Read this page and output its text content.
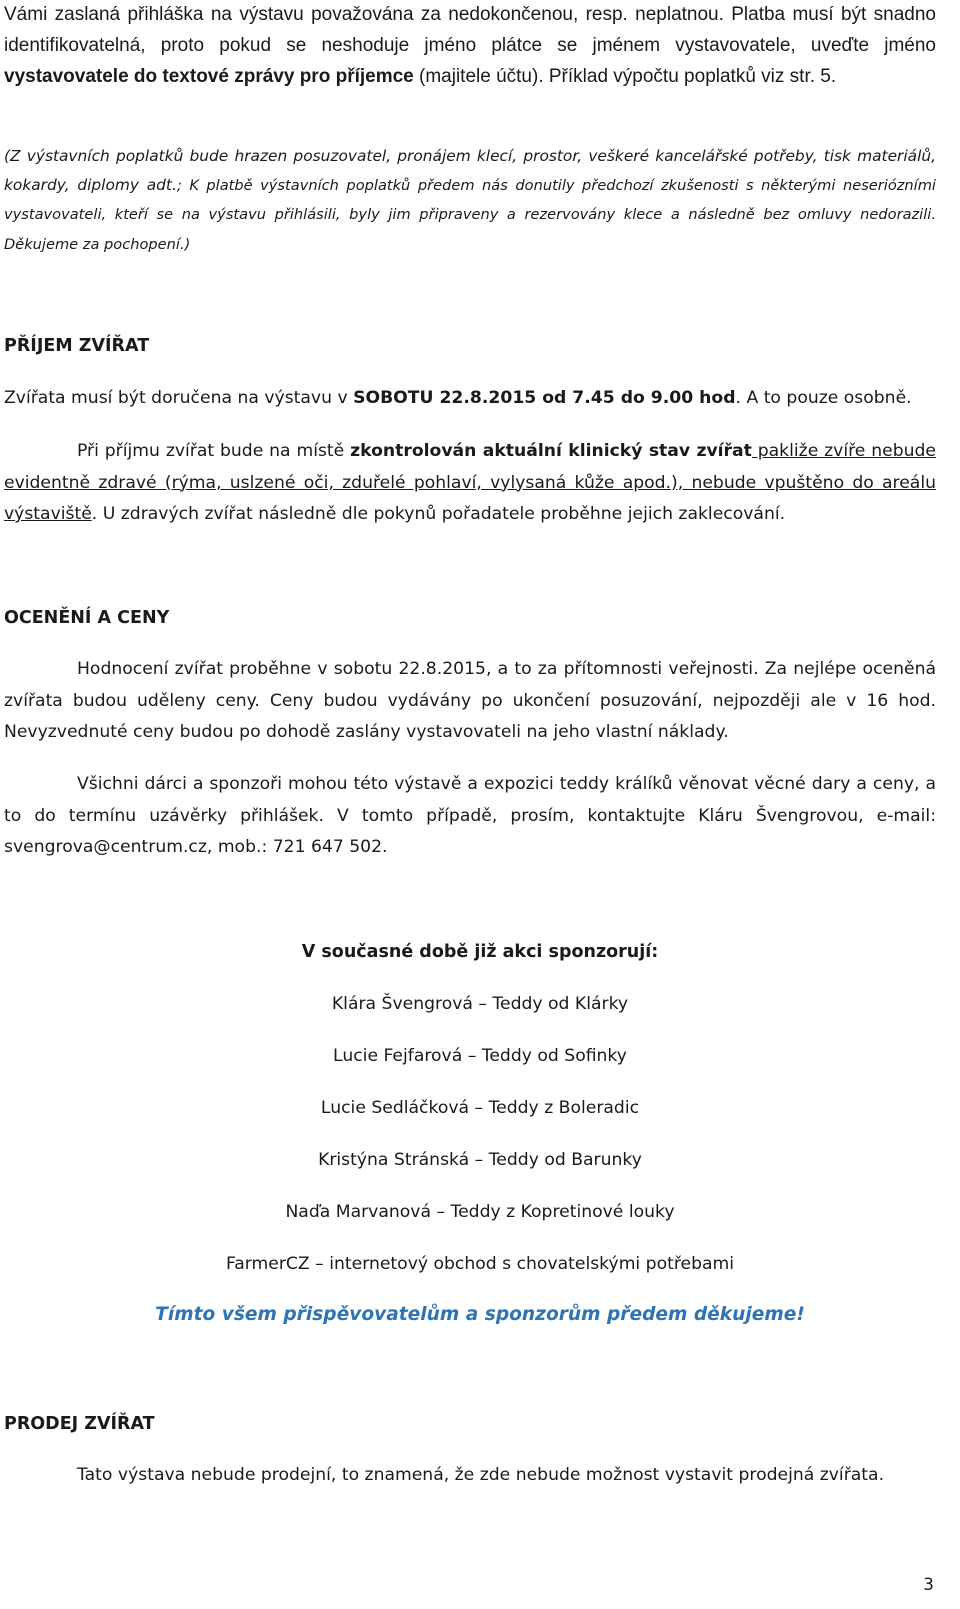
Vámi zaslaná přihláška na výstavu považována za nedokončenou, resp. neplatnou. Platba musí být snadno identifikovatelná, proto pokud se neshoduje jméno plátce se jménem vystavovatele, uveďte jméno vystavovatele do textové zprávy pro příjemce (majitele účtu). Příklad výpočtu poplatků viz str. 5.

(Z výstavních poplatků bude hrazen posuzovatel, pronájem klecí, prostor, veškeré kancelářské potřeby, tisk materiálů, kokardy, diplomy adt.; K platbě výstavních poplatků předem nás donutily předchozí zkušenosti s některými neseriózními vystavovateli, kteří se na výstavu přihlásili, byly jim připraveny a rezervovány klece a následně bez omluvy nedorazili. Děkujeme za pochopení.)

PŘÍJEM ZVÍŘAT

Zvířata musí být doručena na výstavu v SOBOTU 22.8.2015 od 7.45 do 9.00 hod. A to pouze osobně.

Při příjmu zvířat bude na místě zkontrolován aktuální klinický stav zvířat pakliže zvíře nebude evidentně zdravé (rýma, uslzené oči, zduřelé pohlaví, vylysaná kůže apod.), nebude vpuštěno do areálu výstaviště. U zdravých zvířat následně dle pokynů pořadatele proběhne jejich zaklecování.

OCENĚNÍ A CENY

Hodnocení zvířat proběhne v sobotu 22.8.2015, a to za přítomnosti veřejnosti. Za nejlépe oceněná zvířata budou uděleny ceny. Ceny budou vydávány po ukončení posuzování, nejpozději ale v 16 hod. Nevyzvednuté ceny budou po dohodě zaslány vystavovateli na jeho vlastní náklady.

Všichni dárci a sponzoři mohou této výstavě a expozici teddy králíků věnovat věcné dary a ceny, a to do termínu uzávěrky přihlášek. V tomto případě, prosím, kontaktujte Kláru Švengrovou, e-mail: svengrova@centrum.cz, mob.: 721 647 502.

V současné době již akci sponzorují:
Klára Švengrová – Teddy od Klárky
Lucie Fejfarová – Teddy od Sofinky
Lucie Sedláčková – Teddy z Boleradic
Kristýna Stránská – Teddy od Barunky
Naďa Marvanová – Teddy z Kopretinové louky
FarmerCZ – internetový obchod s chovatelskými potřebami
Tímto všem přispěvovatelům a sponzorům předem děkujeme!
PRODEJ ZVÍŘAT

Tato výstava nebude prodejní, to znamená, že zde nebude možnost vystavit prodejná zvířata.

3
